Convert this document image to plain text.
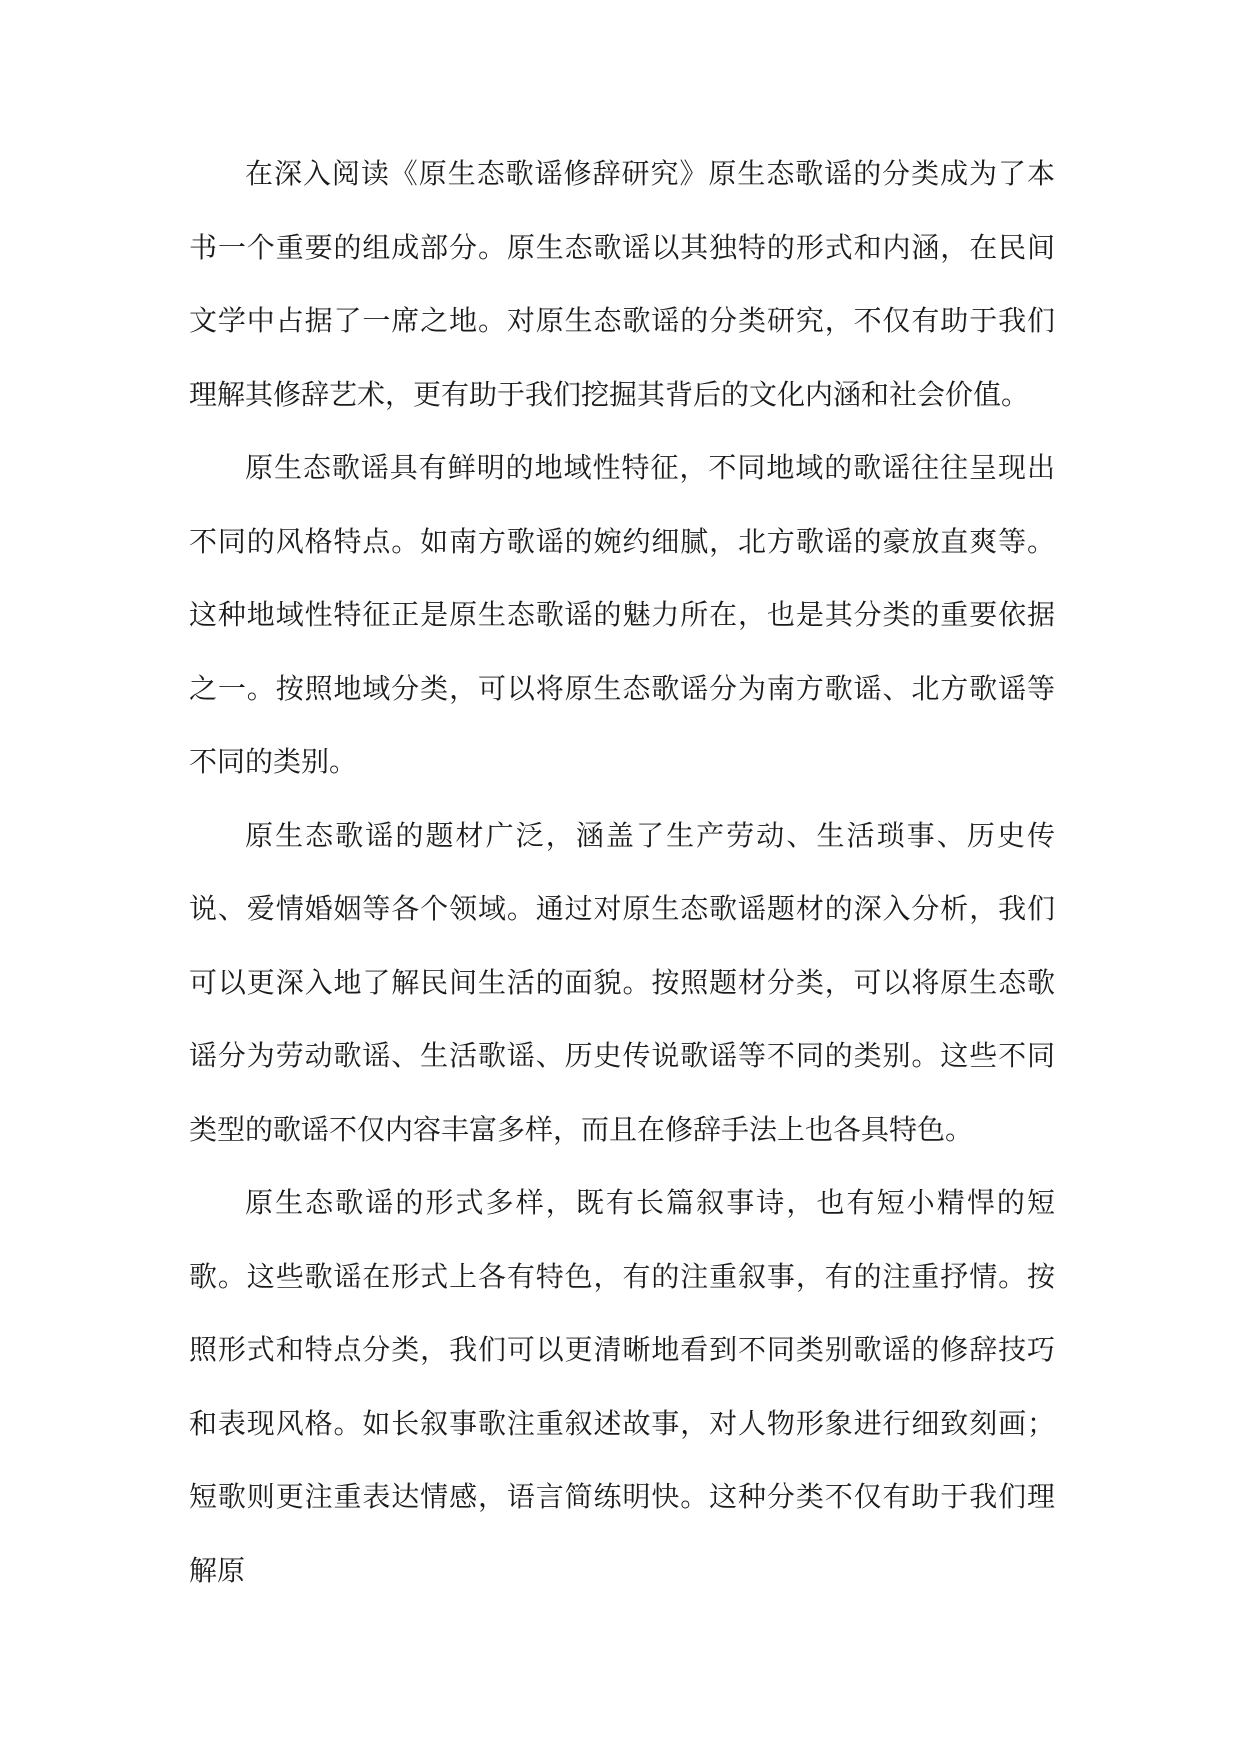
在深入阅读《原生态歌谣修辞研究》原生态歌谣的分类成为了本书一个重要的组成部分。原生态歌谣以其独特的形式和内涵，在民间文学中占据了一席之地。对原生态歌谣的分类研究，不仅有助于我们理解其修辞艺术，更有助于我们挖掘其背后的文化内涵和社会价值。

原生态歌谣具有鲜明的地域性特征，不同地域的歌谣往往呈现出不同的风格特点。如南方歌谣的婉约细腻，北方歌谣的豪放直爽等。这种地域性特征正是原生态歌谣的魅力所在，也是其分类的重要依据之一。按照地域分类，可以将原生态歌谣分为南方歌谣、北方歌谣等不同的类别。

原生态歌谣的题材广泛，涵盖了生产劳动、生活琐事、历史传说、爱情婚姻等各个领域。通过对原生态歌谣题材的深入分析，我们可以更深入地了解民间生活的面貌。按照题材分类，可以将原生态歌谣分为劳动歌谣、生活歌谣、历史传说歌谣等不同的类别。这些不同类型的歌谣不仅内容丰富多样，而且在修辞手法上也各具特色。

原生态歌谣的形式多样，既有长篇叙事诗，也有短小精悍的短歌。这些歌谣在形式上各有特色，有的注重叙事，有的注重抒情。按照形式和特点分类，我们可以更清晰地看到不同类别歌谣的修辞技巧和表现风格。如长叙事歌注重叙述故事，对人物形象进行细致刻画；短歌则更注重表达情感，语言简练明快。这种分类不仅有助于我们理解原
